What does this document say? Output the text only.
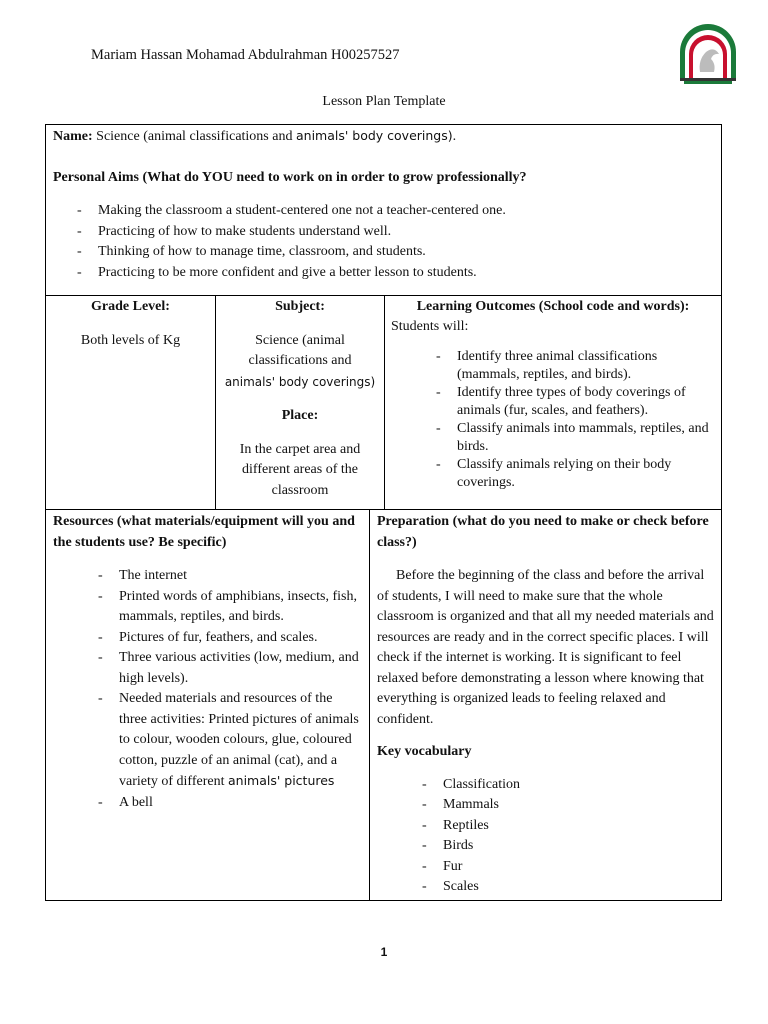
Mariam Hassan Mohamad Abdulrahman H00257527
Lesson Plan Template
Name: Science (animal classifications and animals' body coverings).
Personal Aims (What do YOU need to work on in order to grow professionally?
- Making the classroom a student-centered one not a teacher-centered one.
- Practicing of how to make students understand well.
- Thinking of how to manage time, classroom, and students.
- Practicing to be more confident and give a better lesson to students.
Grade Level:
Both levels of Kg
Subject:
Science (animal
classifications and
animals' body coverings)
Place:
In the carpet area and
different areas of the
classroom
Learning Outcomes (School code and words):
Students will:
- Identify three animal classifications (mammals, reptiles, and birds).
- Identify three types of body coverings of animals (fur, scales, and feathers).
- Classify animals into mammals, reptiles, and birds.
- Classify animals relying on their body coverings.
Resources (what materials/equipment will you and the students use? Be specific)
- The internet
- Printed words of amphibians, insects, fish, mammals, reptiles, and birds.
- Pictures of fur, feathers, and scales.
- Three various activities (low, medium, and high levels).
- Needed materials and resources of the three activities: Printed pictures of animals to colour, wooden colours, glue, coloured cotton, puzzle of an animal (cat), and a variety of different animals' pictures
- A bell
Preparation (what do you need to make or check before class?)
Before the beginning of the class and before the arrival of students, I will need to make sure that the whole classroom is organized and that all my needed materials and resources are ready and in the correct specific places. I will check if the internet is working. It is significant to feel relaxed before demonstrating a lesson where knowing that everything is organized leads to feeling relaxed and confident.
Key vocabulary
- Classification
- Mammals
- Reptiles
- Birds
- Fur
- Scales
1
